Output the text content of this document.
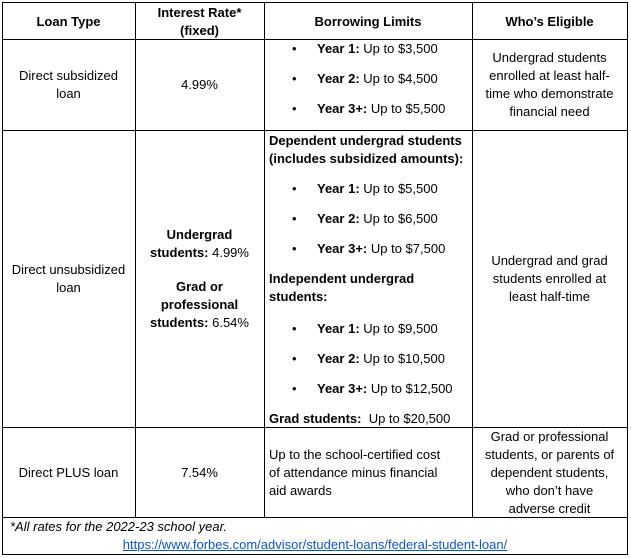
Loan Type
Interest Rate*
(fixed)
Borrowing Limits	Who’s Eligible
Direct subsidized
loan
4.99%
• Year 1: Up to $3,500
• Year 2: Up to $4,500
• Year 3+: Up to $5,500
Undergrad students
enrolled at least half-
time who demonstrate
financial need
Direct unsubsidized
loan
Undergrad
students: 4.99%
Grad or
professional
students: 6.54%
Dependent undergrad students
(includes subsidized amounts):
• Year 1: Up to $5,500
• Year 2: Up to $6,500
• Year 3+: Up to $7,500
Independent undergrad
students:
• Year 1: Up to $9,500
• Year 2: Up to $10,500
• Year 3+: Up to $12,500
Grad students:  Up to $20,500
Undergrad and grad
students enrolled at
least half-time
Direct PLUS loan	7.54%
Up to the school-certified cost
of attendance minus financial
aid awards
Grad or professional
students, or parents of
dependent students,
who don’t have
adverse credit
*All rates for the 2022-23 school year.
https://www.forbes.com/advisor/student-loans/federal-student-loan/
